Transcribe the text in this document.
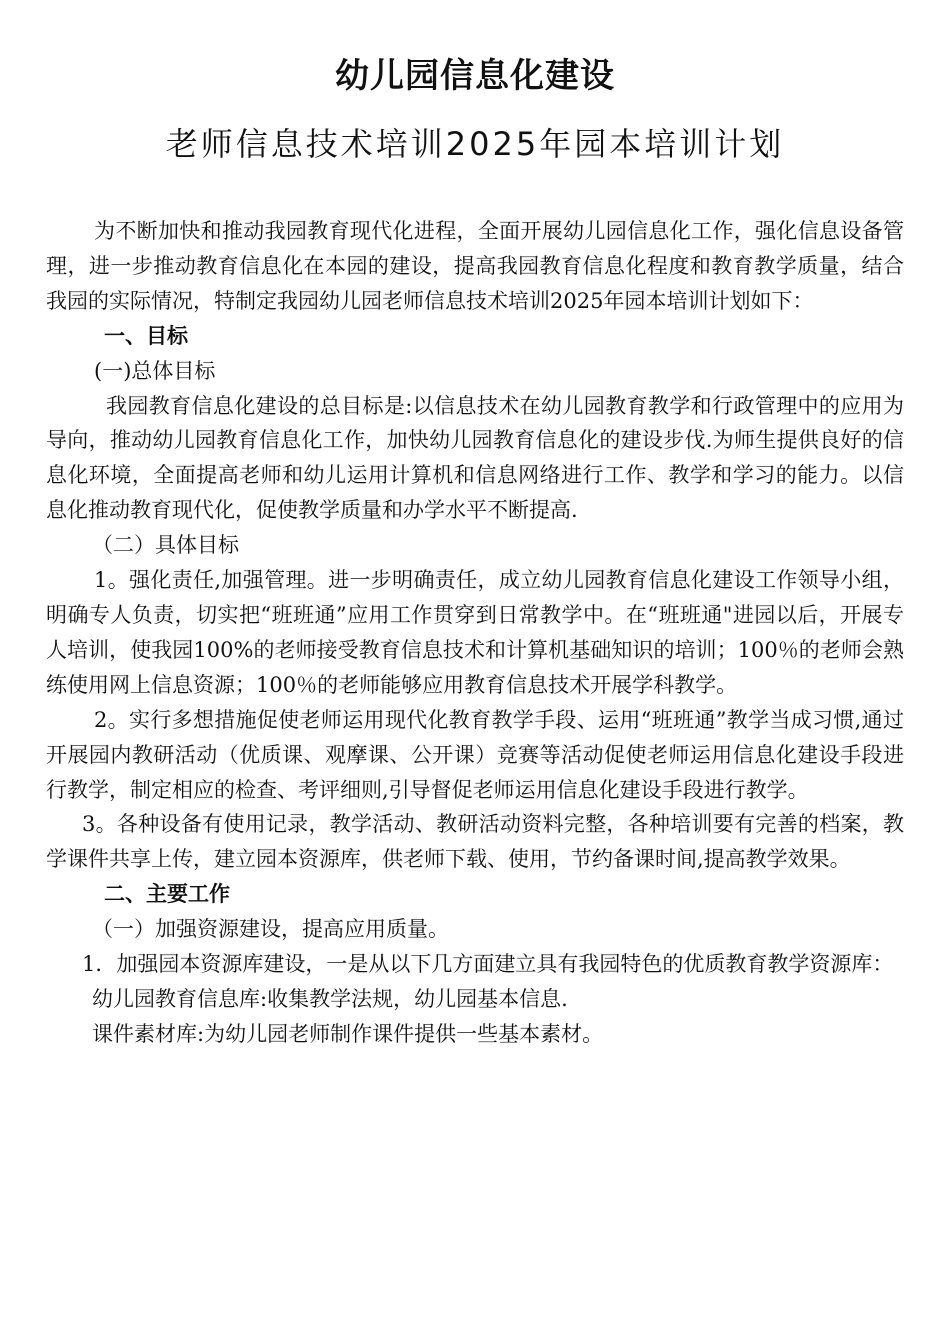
幼儿园信息化建设
老师信息技术培训2025年园本培训计划

为不断加快和推动我园教育现代化进程，全面开展幼儿园信息化工作，强化信息设备管理，进一步推动教育信息化在本园的建设，提高我园教育信息化程度和教育教学质量，结合我园的实际情况，特制定我园幼儿园老师信息技术培训2025年园本培训计划如下：

一、目标

(一)总体目标

我园教育信息化建设的总目标是:以信息技术在幼儿园教育教学和行政管理中的应用为导向，推动幼儿园教育信息化工作，加快幼儿园教育信息化的建设步伐.为师生提供良好的信息化环境，全面提高老师和幼儿运用计算机和信息网络进行工作、教学和学习的能力。以信息化推动教育现代化，促使教学质量和办学水平不断提高.

（二）具体目标

1。强化责任,加强管理。进一步明确责任，成立幼儿园教育信息化建设工作领导小组，明确专人负责，切实把“班班通”应用工作贯穿到日常教学中。在“班班通"进园以后，开展专人培训，使我园100%的老师接受教育信息技术和计算机基础知识的培训；100％的老师会熟练使用网上信息资源；100％的老师能够应用教育信息技术开展学科教学。

2。实行多想措施促使老师运用现代化教育教学手段、运用“班班通”教学当成习惯,通过开展园内教研活动（优质课、观摩课、公开课）竞赛等活动促使老师运用信息化建设手段进行教学，制定相应的检查、考评细则,引导督促老师运用信息化建设手段进行教学。

3。各种设备有使用记录，教学活动、教研活动资料完整，各种培训要有完善的档案，教学课件共享上传，建立园本资源库，供老师下载、使用，节约备课时间,提高教学效果。

二、主要工作

（一）加强资源建设，提高应用质量。

1．加强园本资源库建设，一是从以下几方面建立具有我园特色的优质教育教学资源库：

幼儿园教育信息库:收集教学法规，幼儿园基本信息.

课件素材库:为幼儿园老师制作课件提供一些基本素材。
